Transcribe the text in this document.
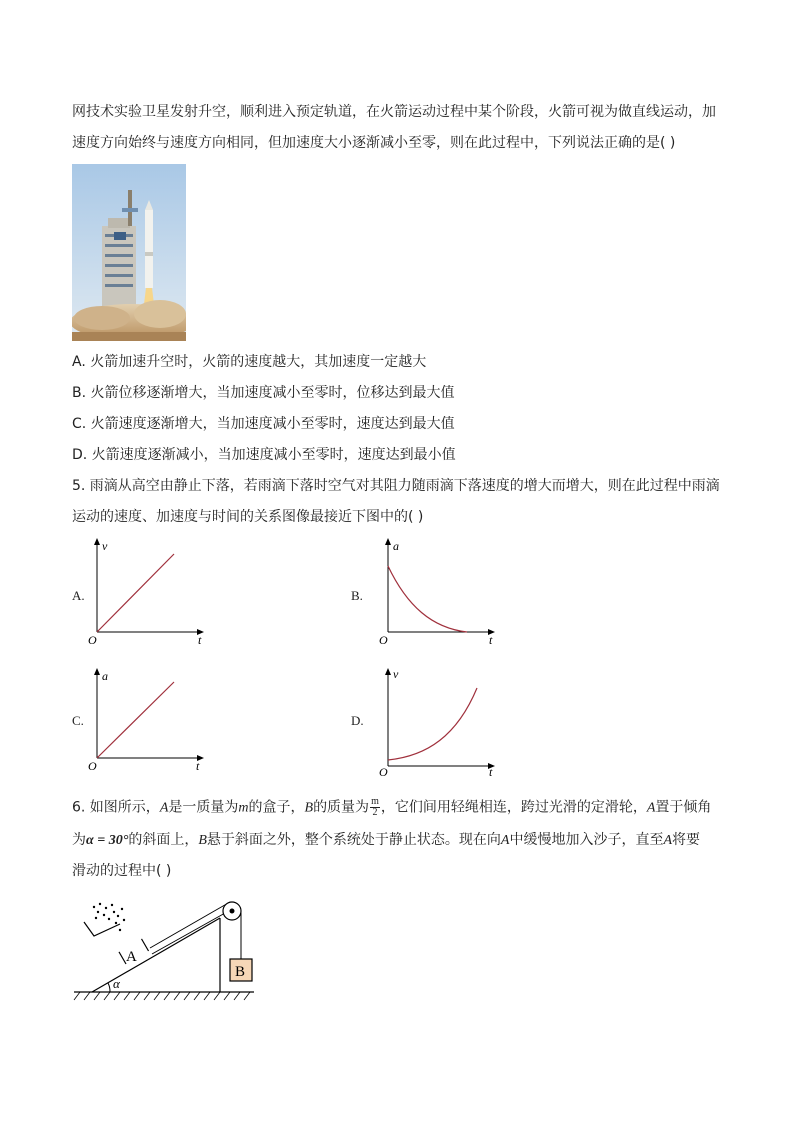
网技术实验卫星发射升空，顺利进入预定轨道，在火箭运动过程中某个阶段，火箭可视为做直线运动，加
速度方向始终与速度方向相同，但加速度大小逐渐减小至零，则在此过程中，下列说法正确的是( )
A. 火箭加速升空时，火箭的速度越大，其加速度一定越大
B. 火箭位移逐渐增大，当加速度减小至零时，位移达到最大值
C. 火箭速度逐渐增大，当加速度减小至零时，速度达到最大值
D. 火箭速度逐渐减小，当加速度减小至零时，速度达到最小值
5. 雨滴从高空由静止下落，若雨滴下落时空气对其阻力随雨滴下落速度的增大而增大，则在此过程中雨滴
运动的速度、加速度与时间的关系图像最接近下图中的( )
A.
v
t
O
B.
a
t
O
C.
a
t
O
D.
v
t
O
6. 如图所示，A是一质量为m的盒子，B的质量为 $\frac{m}{2}$ ，它们间用轻绳相连，跨过光滑的定滑轮，A置于倾角
为α = 30°的斜面上，B悬于斜面之外，整个系统处于静止状态。现在向A中缓慢地加入沙子，直至A将要
滑动的过程中( )
α
A
B
